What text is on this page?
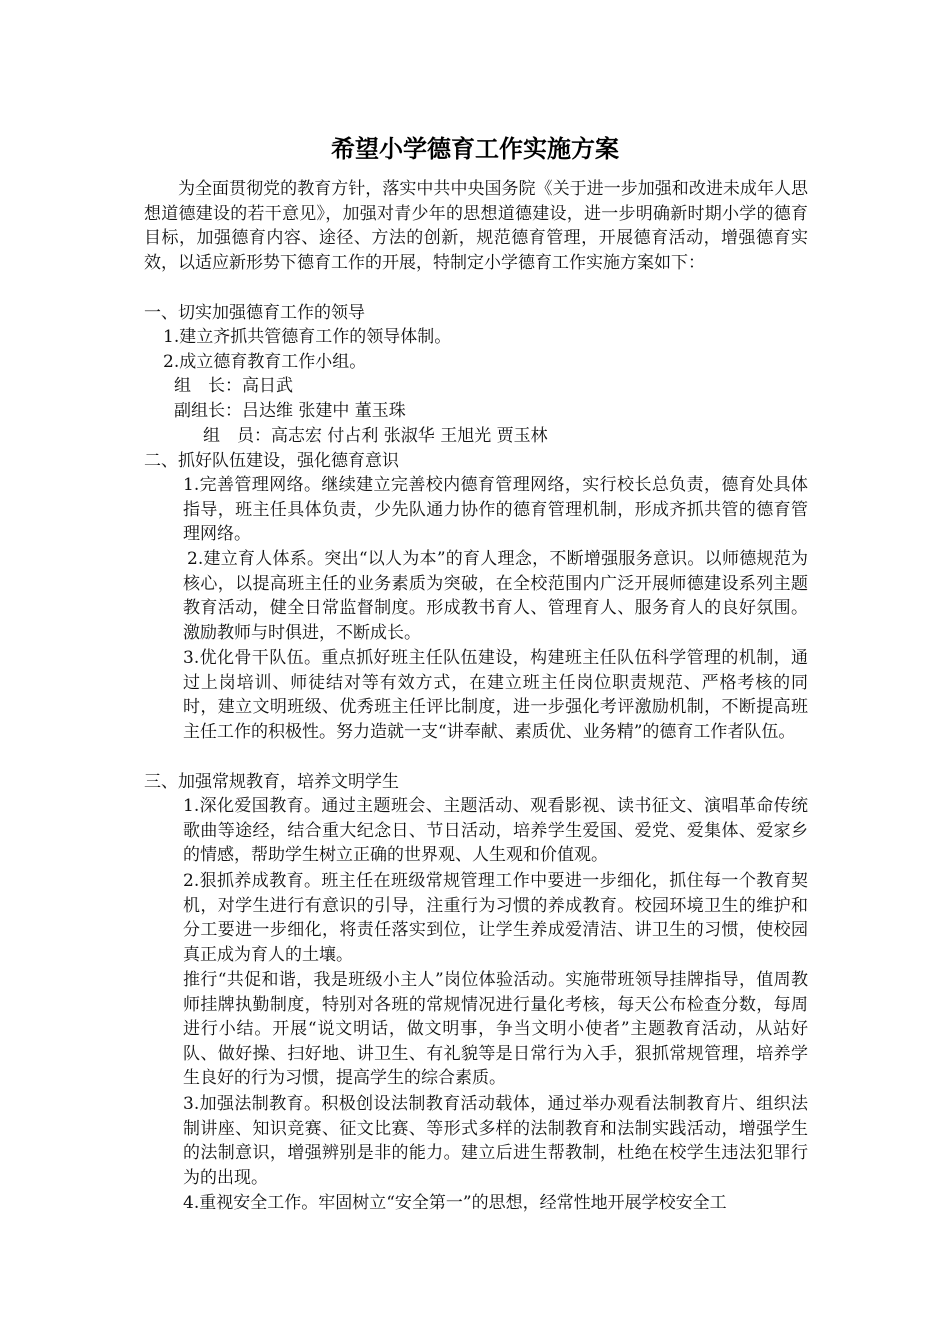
希望小学德育工作实施方案

为全面贯彻党的教育方针，落实中共中央国务院《关于进一步加强和改进未成年人思想道德建设的若干意见》，加强对青少年的思想道德建设，进一步明确新时期小学的德育目标，加强德育内容、途径、方法的创新，规范德育管理，开展德育活动，增强德育实效，以适应新形势下德育工作的开展，特制定小学德育工作实施方案如下：

一、切实加强德育工作的领导

1.建立齐抓共管德育工作的领导体制。

2.成立德育教育工作小组。

组　长：高日武

副组长：吕达维 张建中 董玉珠

组　员：高志宏 付占利 张淑华 王旭光 贾玉林

二、抓好队伍建设，强化德育意识

1.完善管理网络。继续建立完善校内德育管理网络，实行校长总负责，德育处具体指导，班主任具体负责，少先队通力协作的德育管理机制，形成齐抓共管的德育管理网络。

2.建立育人体系。突出“以人为本”的育人理念，不断增强服务意识。以师德规范为核心，以提高班主任的业务素质为突破，在全校范围内广泛开展师德建设系列主题教育活动，健全日常监督制度。形成教书育人、管理育人、服务育人的良好氛围。激励教师与时俱进，不断成长。

3.优化骨干队伍。重点抓好班主任队伍建设，构建班主任队伍科学管理的机制，通过上岗培训、师徒结对等有效方式，在建立班主任岗位职责规范、严格考核的同时，建立文明班级、优秀班主任评比制度，进一步强化考评激励机制，不断提高班主任工作的积极性。努力造就一支“讲奉献、素质优、业务精”的德育工作者队伍。

三、加强常规教育，培养文明学生

1.深化爱国教育。通过主题班会、主题活动、观看影视、读书征文、演唱革命传统歌曲等途经，结合重大纪念日、节日活动，培养学生爱国、爱党、爱集体、爱家乡的情感，帮助学生树立正确的世界观、人生观和价值观。

2.狠抓养成教育。班主任在班级常规管理工作中要进一步细化，抓住每一个教育契机，对学生进行有意识的引导，注重行为习惯的养成教育。校园环境卫生的维护和分工要进一步细化，将责任落实到位，让学生养成爱清洁、讲卫生的习惯，使校园真正成为育人的土壤。

推行“共促和谐，我是班级小主人”岗位体验活动。实施带班领导挂牌指导，值周教师挂牌执勤制度，特别对各班的常规情况进行量化考核，每天公布检查分数，每周进行小结。开展“说文明话，做文明事，争当文明小使者”主题教育活动，从站好队、做好操、扫好地、讲卫生、有礼貌等是日常行为入手，狠抓常规管理，培养学生良好的行为习惯，提高学生的综合素质。

3.加强法制教育。积极创设法制教育活动载体，通过举办观看法制教育片、组织法制讲座、知识竞赛、征文比赛、等形式多样的法制教育和法制实践活动，增强学生的法制意识，增强辨别是非的能力。建立后进生帮教制，杜绝在校学生违法犯罪行为的出现。

4.重视安全工作。牢固树立“安全第一”的思想，经常性地开展学校安全工
